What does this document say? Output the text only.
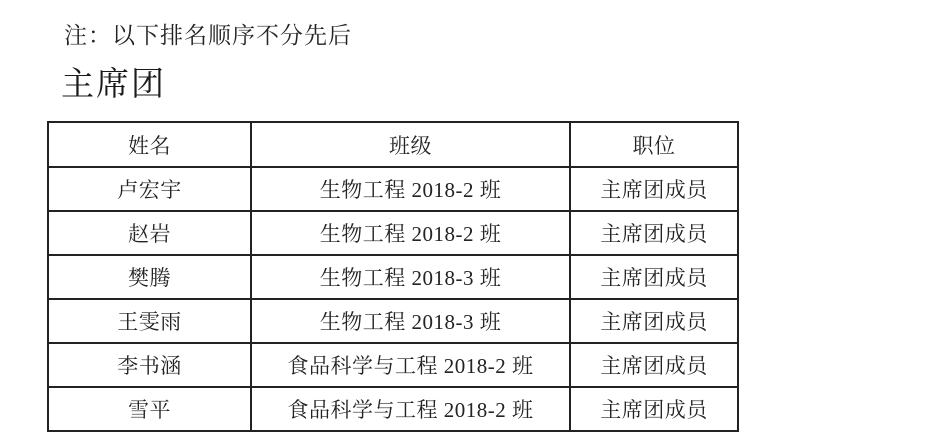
注：以下排名顺序不分先后
主席团
姓名	班级	职位
卢宏宇	生物工程 2018-2 班	主席团成员
赵岩	生物工程 2018-2 班	主席团成员
樊腾	生物工程 2018-3 班	主席团成员
王雯雨	生物工程 2018-3 班	主席团成员
李书涵	食品科学与工程 2018-2 班	主席团成员
雪平	食品科学与工程 2018-2 班	主席团成员
